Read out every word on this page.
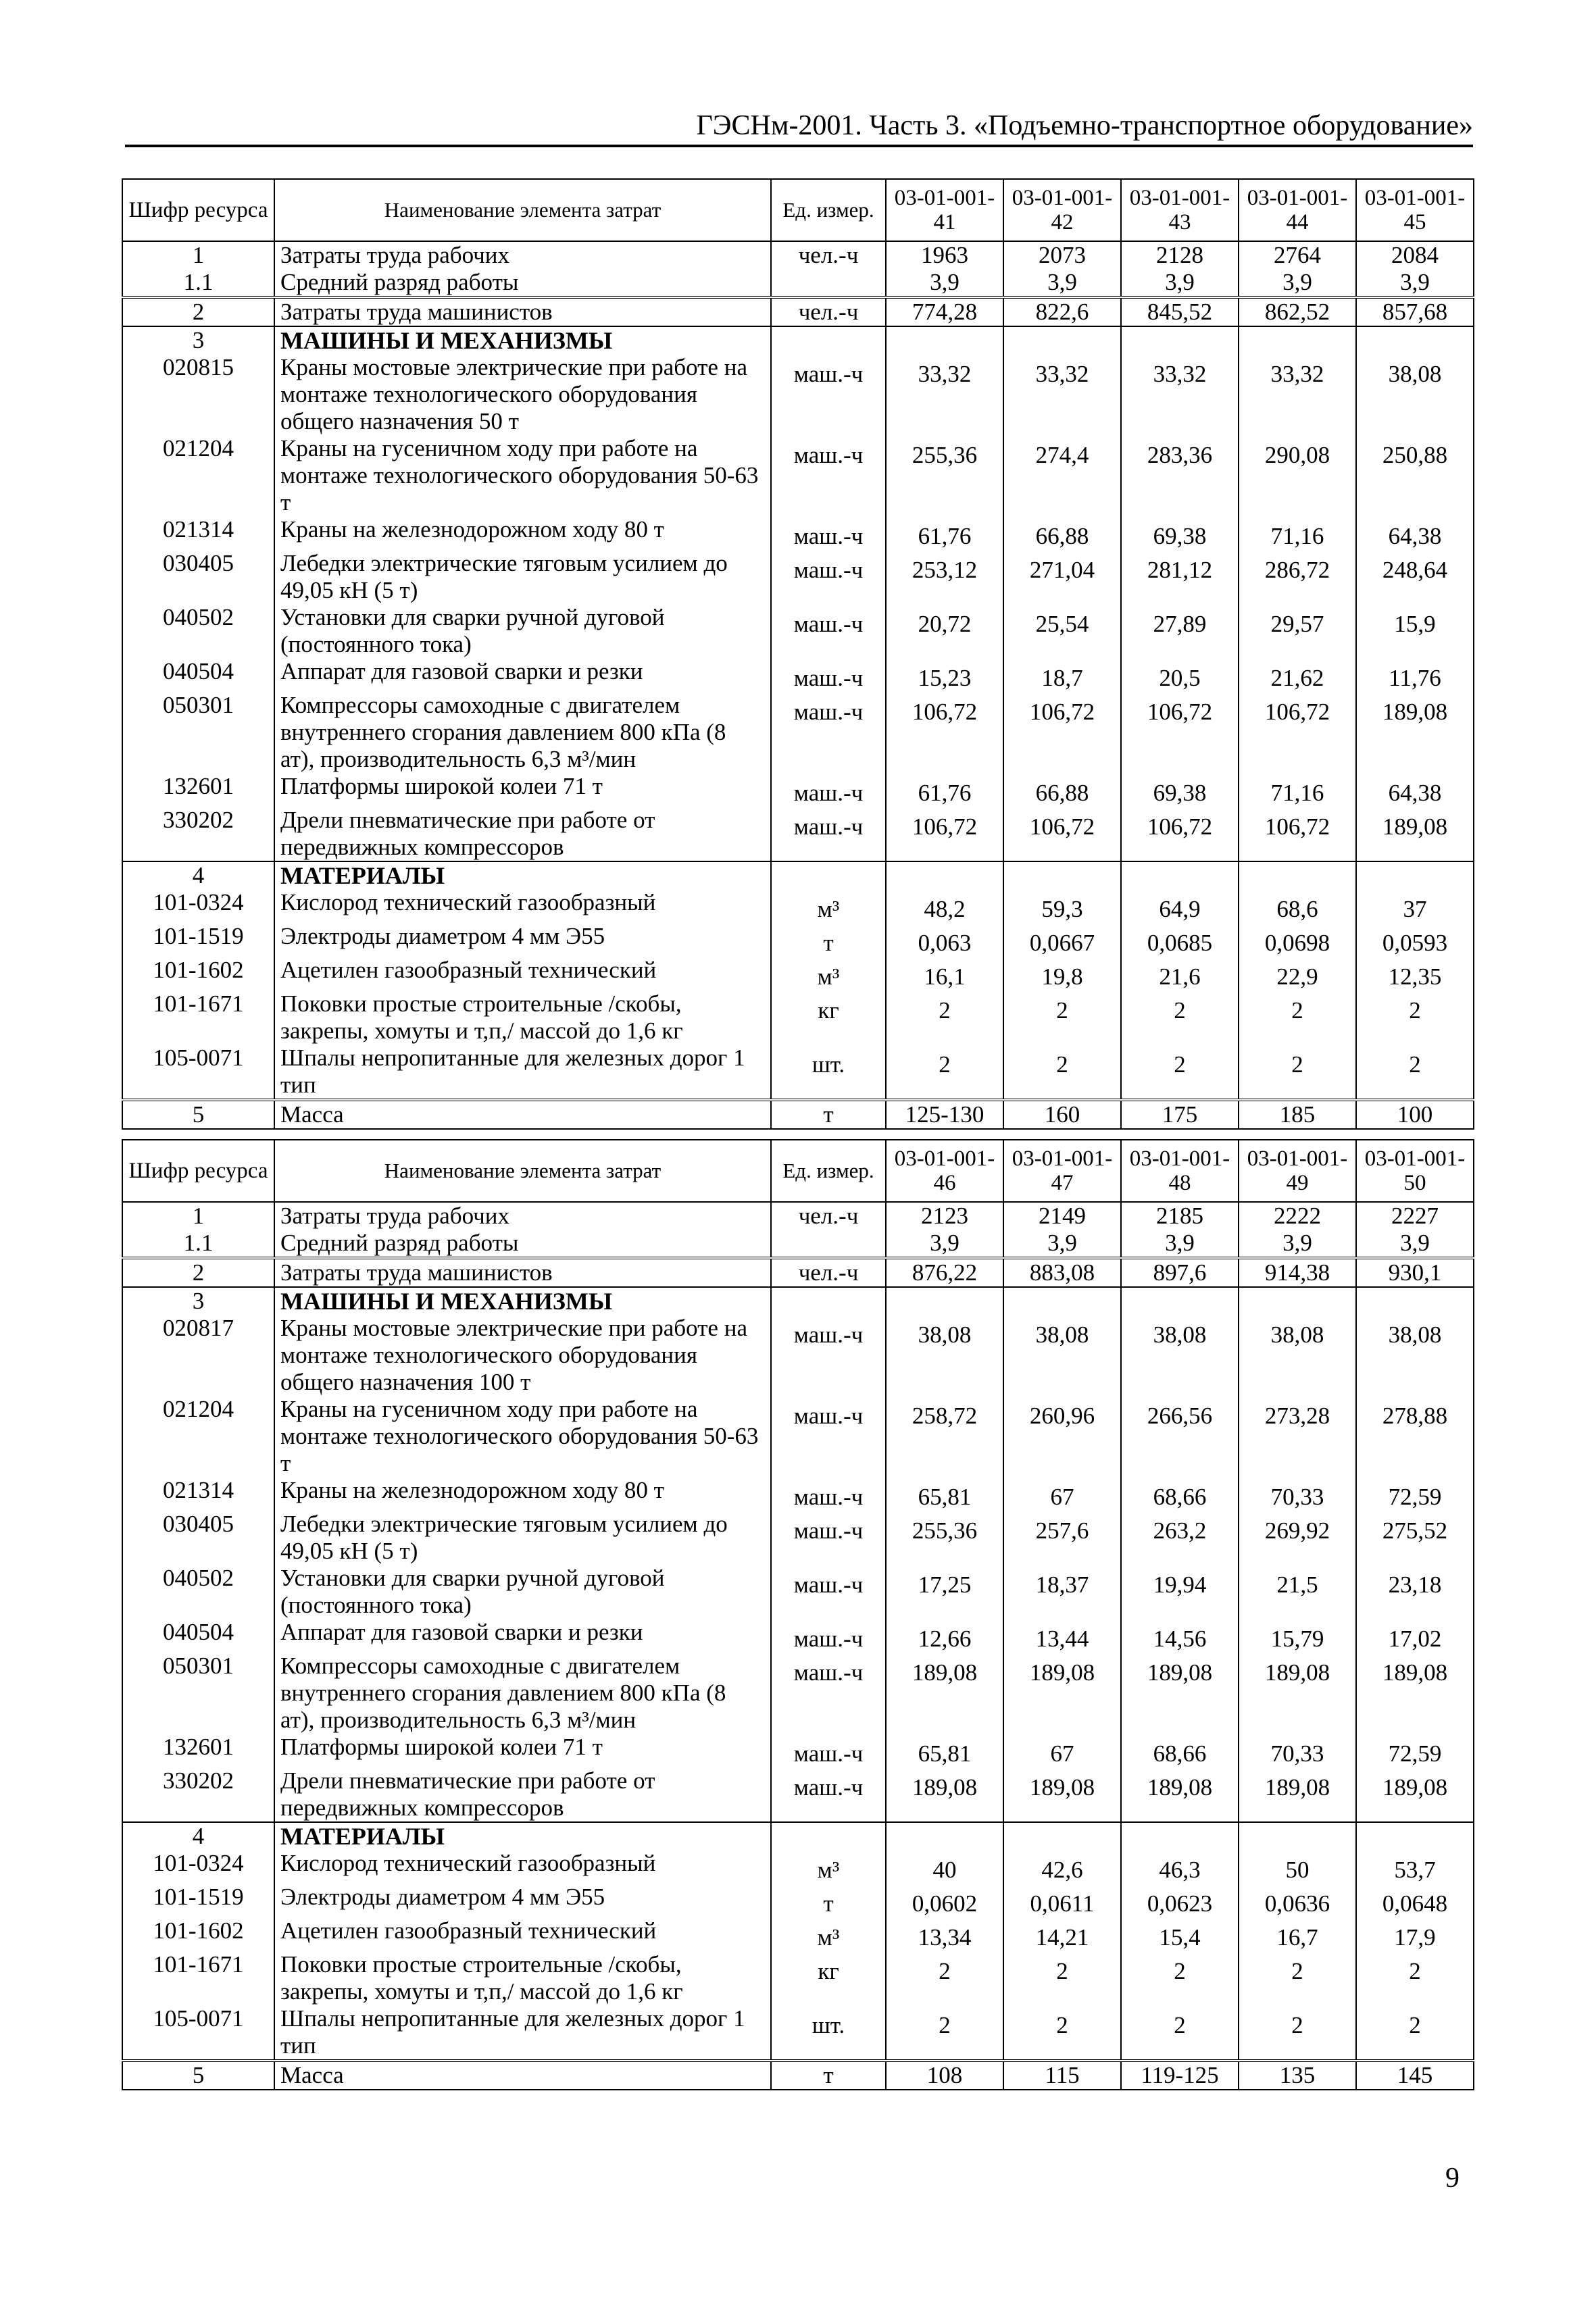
ГЭСНм-2001. Часть 3. «Подъемно-транспортное оборудование»
Шифр ресурса	Наименование элемента затрат	Ед. измер.	03-01-001-41	03-01-001-42	03-01-001-43	03-01-001-44	03-01-001-45
1	Затраты труда рабочих	чел.-ч	1963	2073	2128	2764	2084

1.1	Средний разряд работы		3,9	3,9	3,9	3,9	3,9

2	Затраты труда машинистов	чел.-ч	774,28	822,6	845,52	862,52	857,68

3	МАШИНЫ И МЕХАНИЗМЫ	

020815	Краны мостовые электрические при работе на монтаже технологического оборудования общего назначения 50 т	маш.-ч	33,32	33,32	33,32	33,32	38,08

021204	Краны на гусеничном ходу при работе на монтаже технологического оборудования 50-63 т	маш.-ч	255,36	274,4	283,36	290,08	250,88

021314	Краны на железнодорожном ходу 80 т	маш.-ч	61,76	66,88	69,38	71,16	64,38

030405	Лебедки электрические тяговым усилием до 49,05 кН (5 т)	маш.-ч	253,12	271,04	281,12	286,72	248,64

040502	Установки для сварки ручной дуговой (постоянного тока)	маш.-ч	20,72	25,54	27,89	29,57	15,9

040504	Аппарат для газовой сварки и резки	маш.-ч	15,23	18,7	20,5	21,62	11,76

050301	Компрессоры самоходные с двигателем внутреннего сгорания давлением 800 кПа (8 ат), производительность 6,3 м³/мин	маш.-ч	106,72	106,72	106,72	106,72	189,08

132601	Платформы широкой колеи 71 т	маш.-ч	61,76	66,88	69,38	71,16	64,38

330202	Дрели пневматические при работе от передвижных компрессоров	маш.-ч	106,72	106,72	106,72	106,72	189,08

4	МАТЕРИАЛЫ	

101-0324	Кислород технический газообразный	м³	48,2	59,3	64,9	68,6	37

101-1519	Электроды диаметром 4 мм Э55	т	0,063	0,0667	0,0685	0,0698	0,0593

101-1602	Ацетилен газообразный технический	м³	16,1	19,8	21,6	22,9	12,35

101-1671	Поковки простые строительные /скобы, закрепы, хомуты и т,п,/ массой до 1,6 кг	кг	2	2	2	2	2

105-0071	Шпалы непропитанные для железных дорог 1 тип	шт.	2	2	2	2	2

5	Масса	т	125-130	160	175	185	100
Шифр ресурса	Наименование элемента затрат	Ед. измер.	03-01-001-46	03-01-001-47	03-01-001-48	03-01-001-49	03-01-001-50
1	Затраты труда рабочих	чел.-ч	2123	2149	2185	2222	2227

1.1	Средний разряд работы		3,9	3,9	3,9	3,9	3,9

2	Затраты труда машинистов	чел.-ч	876,22	883,08	897,6	914,38	930,1

3	МАШИНЫ И МЕХАНИЗМЫ	

020817	Краны мостовые электрические при работе на монтаже технологического оборудования общего назначения 100 т	маш.-ч	38,08	38,08	38,08	38,08	38,08

021204	Краны на гусеничном ходу при работе на монтаже технологического оборудования 50-63 т	маш.-ч	258,72	260,96	266,56	273,28	278,88

021314	Краны на железнодорожном ходу 80 т	маш.-ч	65,81	67	68,66	70,33	72,59

030405	Лебедки электрические тяговым усилием до 49,05 кН (5 т)	маш.-ч	255,36	257,6	263,2	269,92	275,52

040502	Установки для сварки ручной дуговой (постоянного тока)	маш.-ч	17,25	18,37	19,94	21,5	23,18

040504	Аппарат для газовой сварки и резки	маш.-ч	12,66	13,44	14,56	15,79	17,02

050301	Компрессоры самоходные с двигателем внутреннего сгорания давлением 800 кПа (8 ат), производительность 6,3 м³/мин	маш.-ч	189,08	189,08	189,08	189,08	189,08

132601	Платформы широкой колеи 71 т	маш.-ч	65,81	67	68,66	70,33	72,59

330202	Дрели пневматические при работе от передвижных компрессоров	маш.-ч	189,08	189,08	189,08	189,08	189,08

4	МАТЕРИАЛЫ	

101-0324	Кислород технический газообразный	м³	40	42,6	46,3	50	53,7

101-1519	Электроды диаметром 4 мм Э55	т	0,0602	0,0611	0,0623	0,0636	0,0648

101-1602	Ацетилен газообразный технический	м³	13,34	14,21	15,4	16,7	17,9

101-1671	Поковки простые строительные /скобы, закрепы, хомуты и т,п,/ массой до 1,6 кг	кг	2	2	2	2	2

105-0071	Шпалы непропитанные для железных дорог 1 тип	шт.	2	2	2	2	2

5	Масса	т	108	115	119-125	135	145
9
